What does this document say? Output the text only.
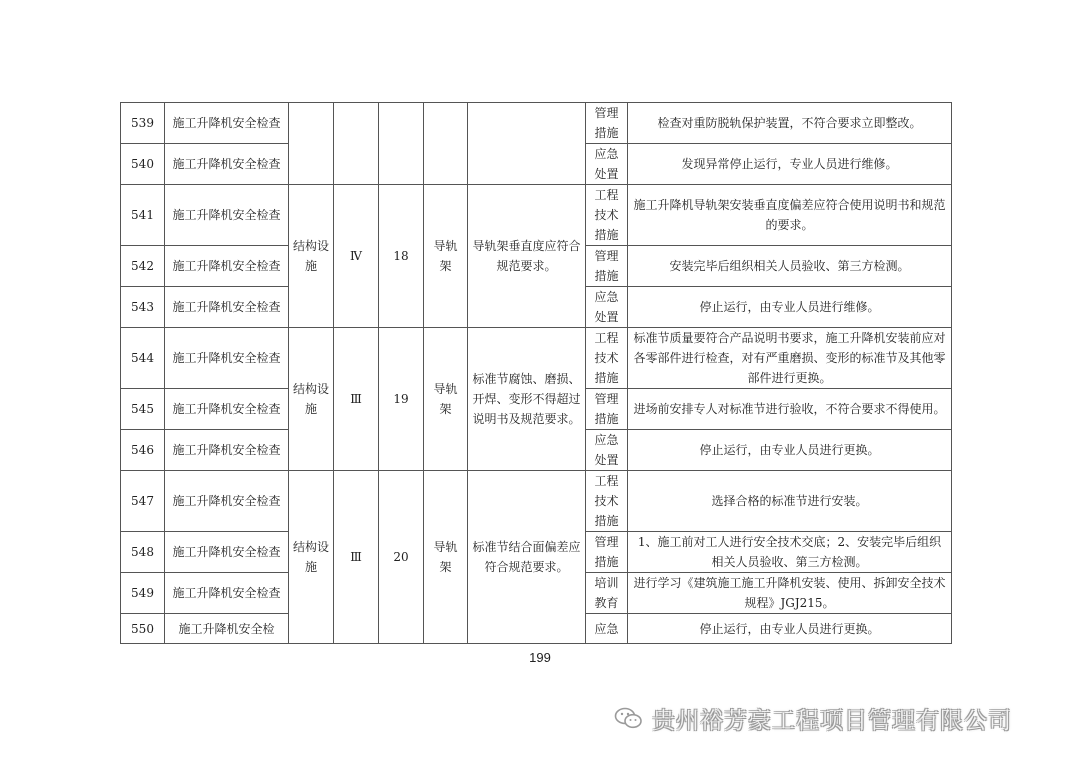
539	施工升降机安全检查						管理措施	检查对重防脱轨保护装置，不符合要求立即整改。
540	施工升降机安全检查						应急处置	发现异常停止运行，专业人员进行维修。
541	施工升降机安全检查	结构设施	Ⅳ	18	导轨架	导轨架垂直度应符合规范要求。	工程技术措施	施工升降机导轨架安装垂直度偏差应符合使用说明书和规范的要求。
542	施工升降机安全检查						管理措施	安装完毕后组织相关人员验收、第三方检测。
543	施工升降机安全检查						应急处置	停止运行，由专业人员进行维修。
544	施工升降机安全检查	结构设施	Ⅲ	19	导轨架	标准节腐蚀、磨损、开焊、变形不得超过说明书及规范要求。	工程技术措施	标准节质量要符合产品说明书要求，施工升降机安装前应对各零部件进行检查，对有严重磨损、变形的标准节及其他零部件进行更换。
545	施工升降机安全检查						管理措施	进场前安排专人对标准节进行验收，不符合要求不得使用。
546	施工升降机安全检查						应急处置	停止运行，由专业人员进行更换。
547	施工升降机安全检查	结构设施	Ⅲ	20	导轨架	标准节结合面偏差应符合规范要求。	工程技术措施	选择合格的标准节进行安装。
548	施工升降机安全检查						管理措施	1、施工前对工人进行安全技术交底；2、安装完毕后组织相关人员验收、第三方检测。
549	施工升降机安全检查						培训教育	进行学习《建筑施工施工升降机安装、使用、拆卸安全技术规程》JGJ215。
550	施工升降机安全检						应急	停止运行，由专业人员进行更换。
199
贵州裕芳豪工程项目管理有限公司
